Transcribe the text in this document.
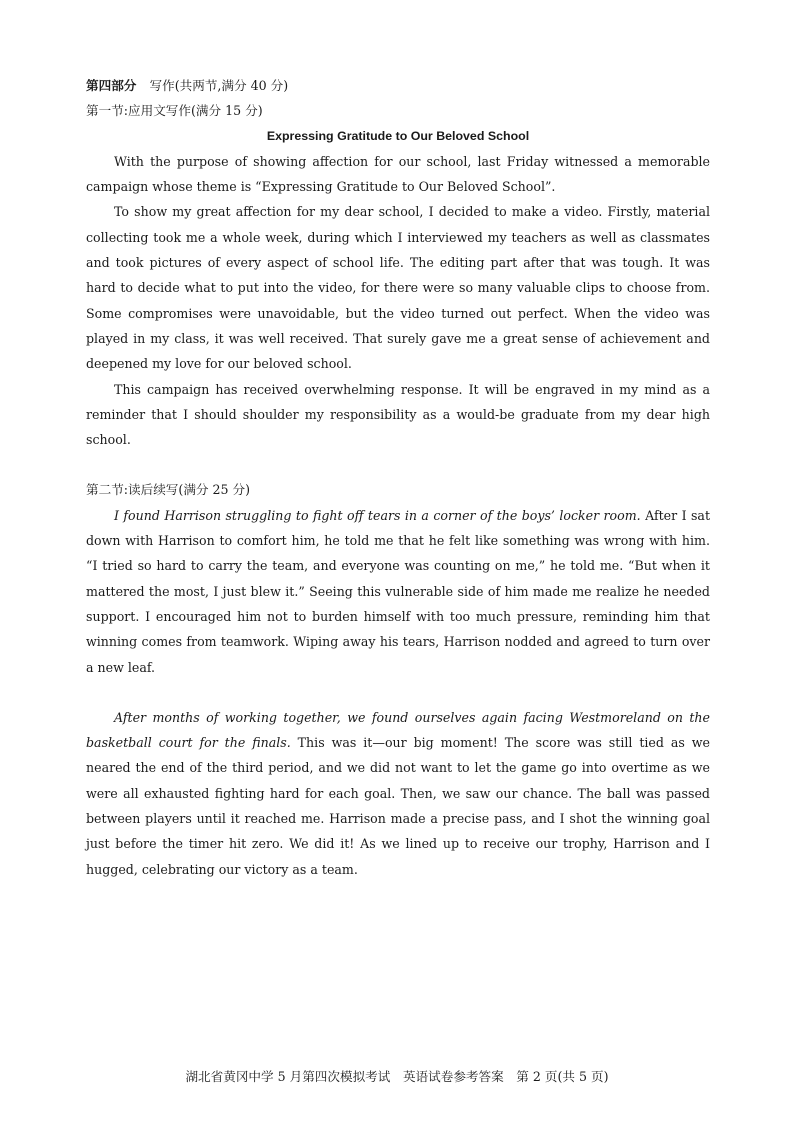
第四部分 写作(共两节,满分 40 分)
第一节:应用文写作(满分 15 分)
Expressing Gratitude to Our Beloved School

With the purpose of showing affection for our school, last Friday witnessed a memorable campaign whose theme is “Expressing Gratitude to Our Beloved School”.

To show my great affection for my dear school, I decided to make a video. Firstly, material collecting took me a whole week, during which I interviewed my teachers as well as classmates and took pictures of every aspect of school life. The editing part after that was tough. It was hard to decide what to put into the video, for there were so many valuable clips to choose from. Some compromises were unavoidable, but the video turned out perfect. When the video was played in my class, it was well received. That surely gave me a great sense of achievement and deepened my love for our beloved school.

This campaign has received overwhelming response. It will be engraved in my mind as a reminder that I should shoulder my responsibility as a would-be graduate from my dear high school.

第二节:读后续写(满分 25 分)

I found Harrison struggling to fight off tears in a corner of the boys’ locker room. After I sat down with Harrison to comfort him, he told me that he felt like something was wrong with him. “I tried so hard to carry the team, and everyone was counting on me,” he told me. “But when it mattered the most, I just blew it.” Seeing this vulnerable side of him made me realize he needed support. I encouraged him not to burden himself with too much pressure, reminding him that winning comes from teamwork. Wiping away his tears, Harrison nodded and agreed to turn over a new leaf.

After months of working together, we found ourselves again facing Westmoreland on the basketball court for the finals. This was it—our big moment! The score was still tied as we neared the end of the third period, and we did not want to let the game go into overtime as we were all exhausted fighting hard for each goal. Then, we saw our chance. The ball was passed between players until it reached me. Harrison made a precise pass, and I shot the winning goal just before the timer hit zero. We did it! As we lined up to receive our trophy, Harrison and I hugged, celebrating our victory as a team.

湖北省黄冈中学 5 月第四次模拟考试　英语试卷参考答案　第 2 页(共 5 页)
